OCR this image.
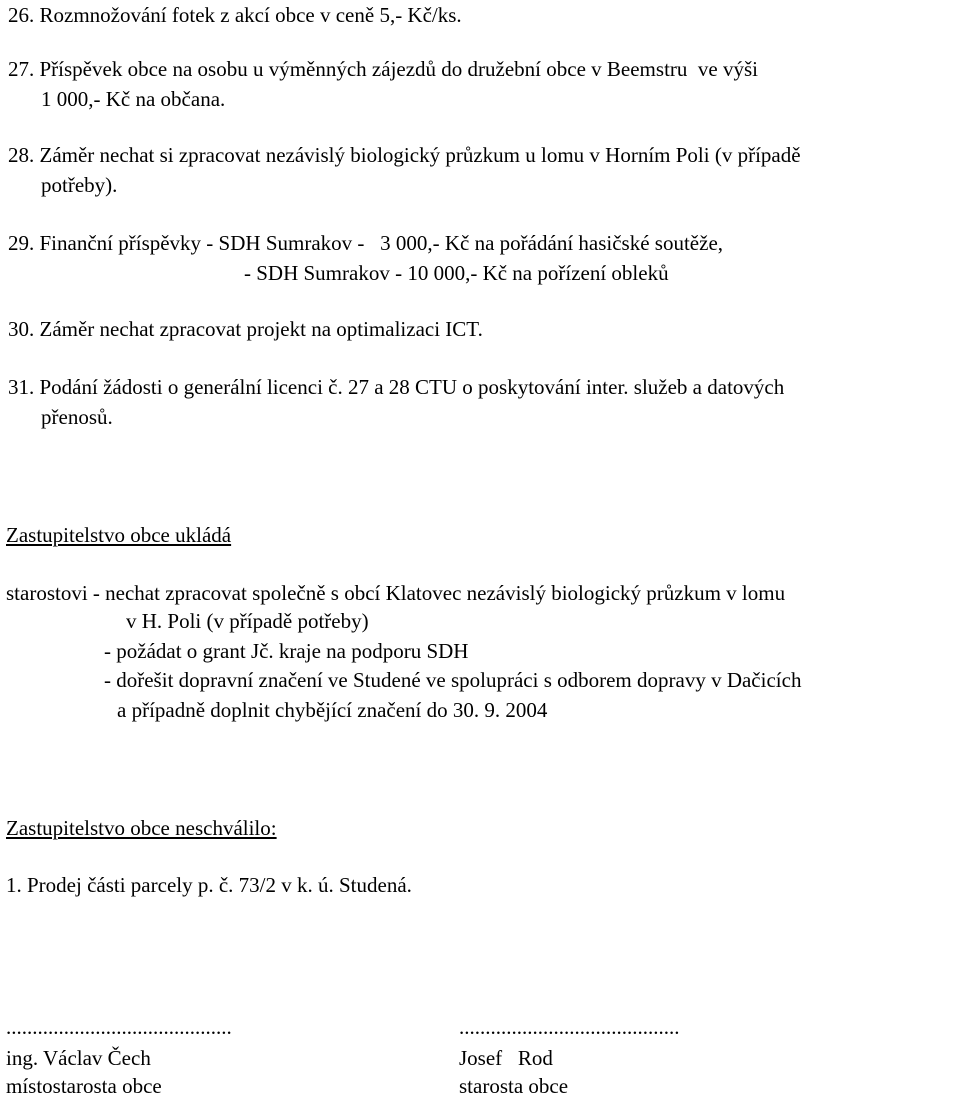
26. Rozmnožování fotek z akcí obce v ceně 5,- Kč/ks.
27. Příspěvek obce na osobu u výměnných zájezdů do družební obce v Beemstru  ve výši
1 000,- Kč na občana.
28. Záměr nechat si zpracovat nezávislý biologický průzkum u lomu v Horním Poli (v případě
potřeby).
29. Finanční příspěvky - SDH Sumrakov -   3 000,- Kč na pořádání hasičské soutěže,
- SDH Sumrakov - 10 000,- Kč na pořízení obleků
30. Záměr nechat zpracovat projekt na optimalizaci ICT.
31. Podání žádosti o generální licenci č. 27 a 28 CTU o poskytování inter. služeb a datových
přenosů.
Zastupitelstvo obce ukládá
starostovi - nechat zpracovat společně s obcí Klatovec nezávislý biologický průzkum v lomu
v H. Poli (v případě potřeby)
- požádat o grant Jč. kraje na podporu SDH
- dořešit dopravní značení ve Studené ve spolupráci s odborem dopravy v Dačicích
a případně doplnit chybějící značení do 30. 9. 2004
Zastupitelstvo obce neschválilo:
1. Prodej části parcely p. č. 73/2 v k. ú. Studená.
...........................................
ing. Václav Čech
místostarosta obce
..........................................
Josef   Rod
starosta obce
